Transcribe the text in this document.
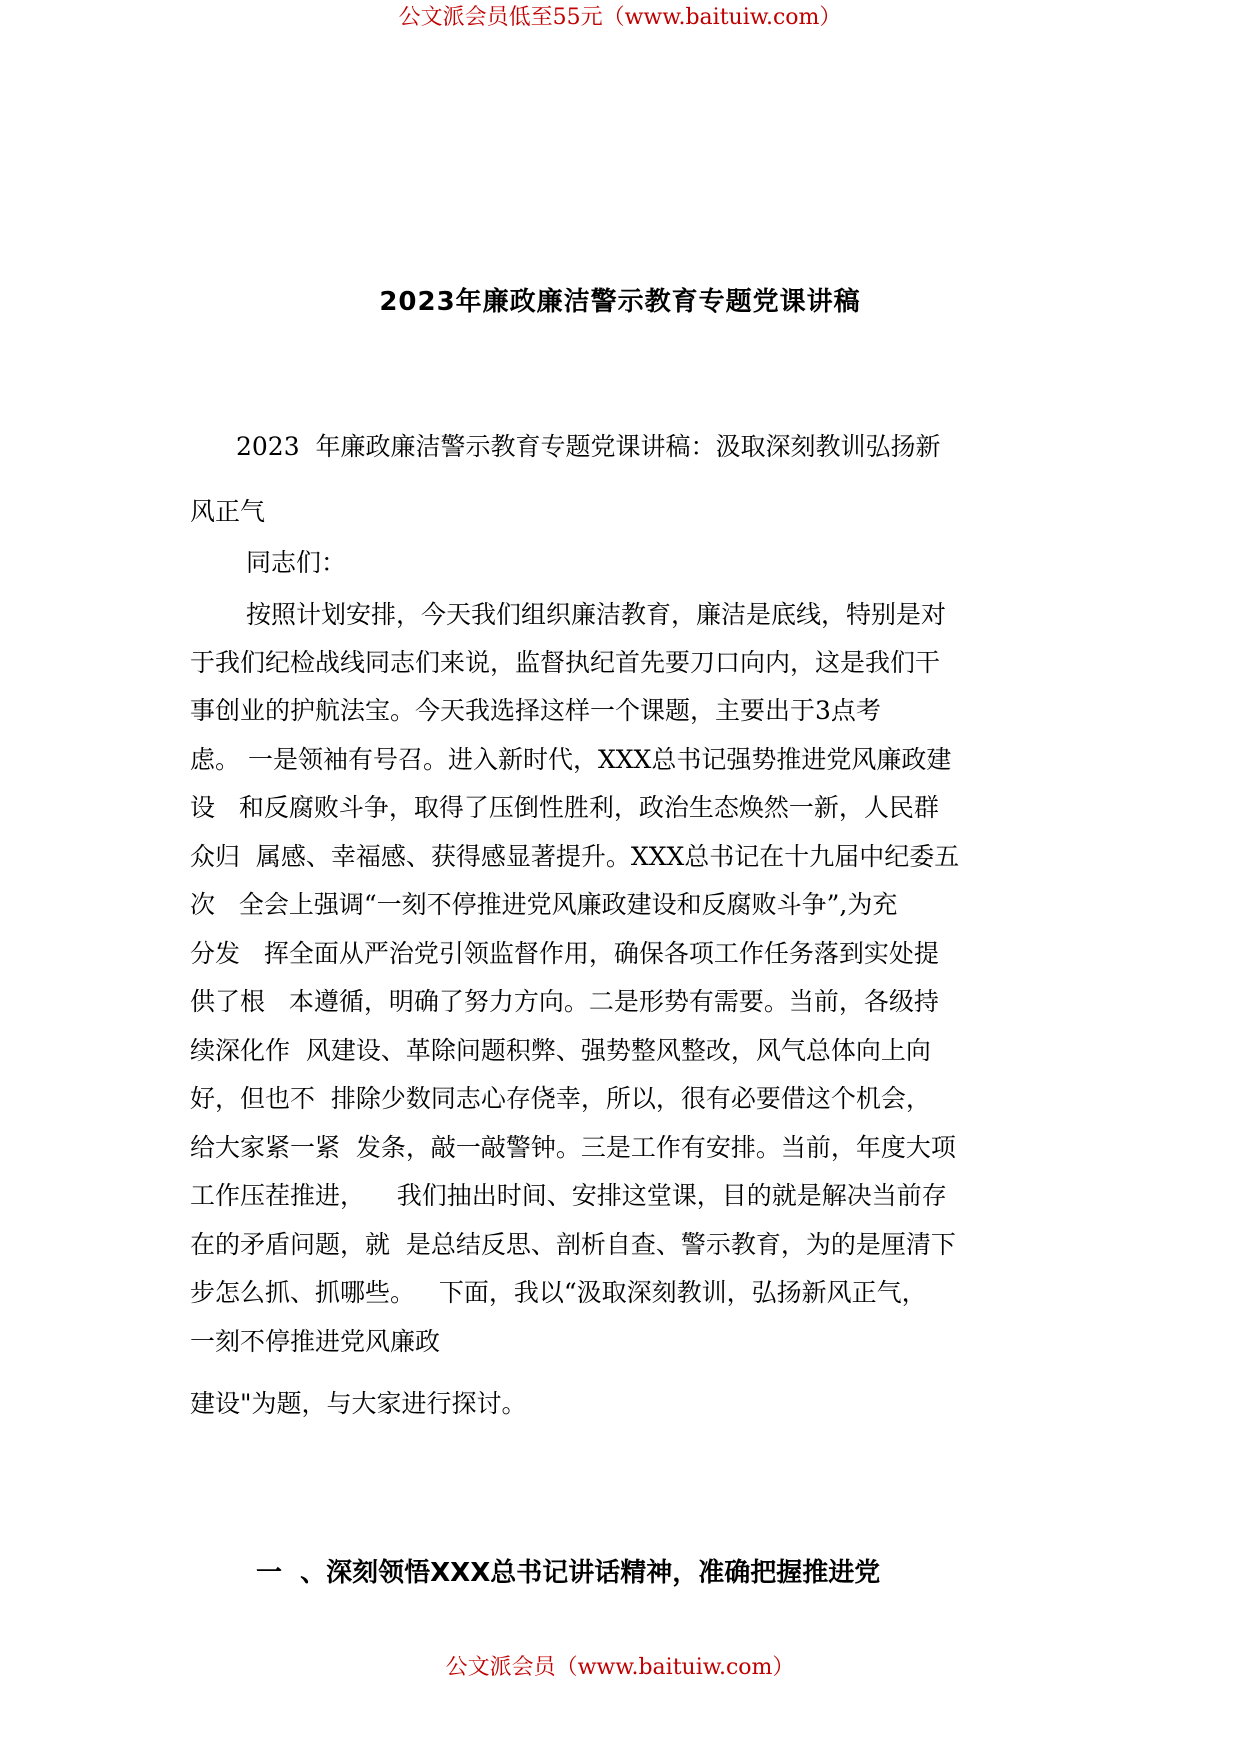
公文派会员低至55元（www.baituiw.com）
2023年廉政廉洁警示教育专题党课讲稿
2023  年廉政廉洁警示教育专题党课讲稿：汲取深刻教训弘扬新
风正气
同志们：
按照计划安排，今天我们组织廉洁教育，廉洁是底线，特别是对
于我们纪检战线同志们来说，监督执纪首先要刀口向内，这是我们干
事创业的护航法宝。今天我选择这样一个课题，主要出于3点考
虑。 一是领袖有号召。进入新时代，XXX总书记强势推进党风廉政建
设   和反腐败斗争，取得了压倒性胜利，政治生态焕然一新，人民群
众归  属感、幸福感、获得感显著提升。XXX总书记在十九届中纪委五
次   全会上强调“一刻不停推进党风廉政建设和反腐败斗争”,为充
分发   挥全面从严治党引领监督作用，确保各项工作任务落到实处提
供了根   本遵循，明确了努力方向。二是形势有需要。当前，各级持
续深化作  风建设、革除问题积弊、强势整风整改，风气总体向上向
好，但也不  排除少数同志心存侥幸，所以，很有必要借这个机会，
给大家紧一紧  发条，敲一敲警钟。三是工作有安排。当前，年度大项
工作压茬推进，    我们抽出时间、安排这堂课，目的就是解决当前存
在的矛盾问题，就  是总结反思、剖析自查、警示教育，为的是厘清下
步怎么抓、抓哪些。   下面，我以“汲取深刻教训，弘扬新风正气，
一刻不停推进党风廉政
建设"为题，与大家进行探讨。
一  、深刻领悟XXX总书记讲话精神，准确把握推进党
公文派会员（www.baituiw.com）
